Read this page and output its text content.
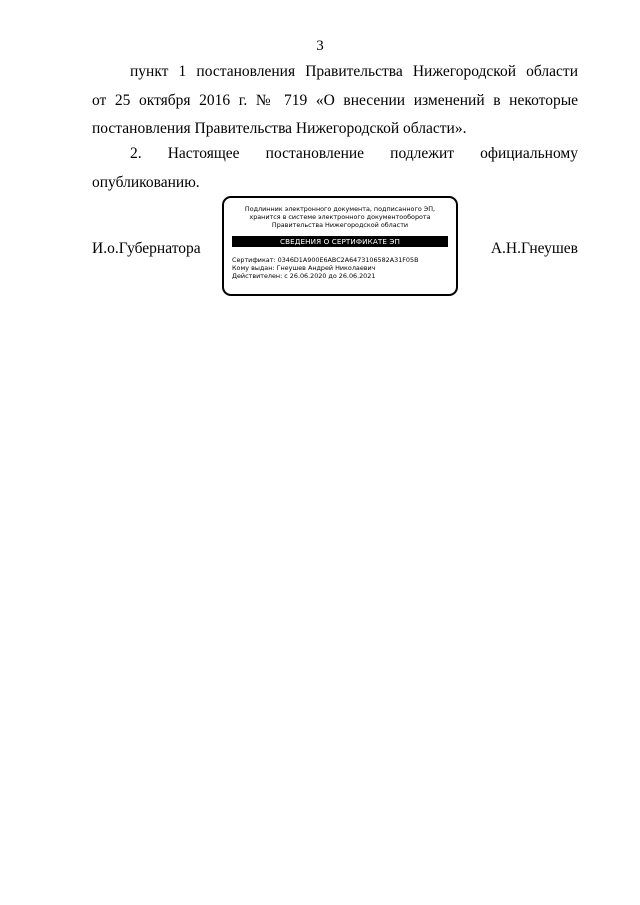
3
пункт 1 постановления Правительства Нижегородской области
от 25 октября 2016 г. № 719 «О внесении изменений в некоторые
постановления Правительства Нижегородской области».
2. Настоящее постановление подлежит официальному
опубликованию.
И.о.Губернатора
Подлинник электронного документа, подписанного ЭП,
хранится в системе электронного документооборота
Правительства Нижегородской области
СВЕДЕНИЯ О СЕРТИФИКАТЕ ЭП
Сертификат: 0346D1A900E6ABC2A6473106582A31F05B
Кому выдан: Гнеушев Андрей Николаевич
Действителен: с 26.06.2020 до 26.06.2021
А.Н.Гнеушев
